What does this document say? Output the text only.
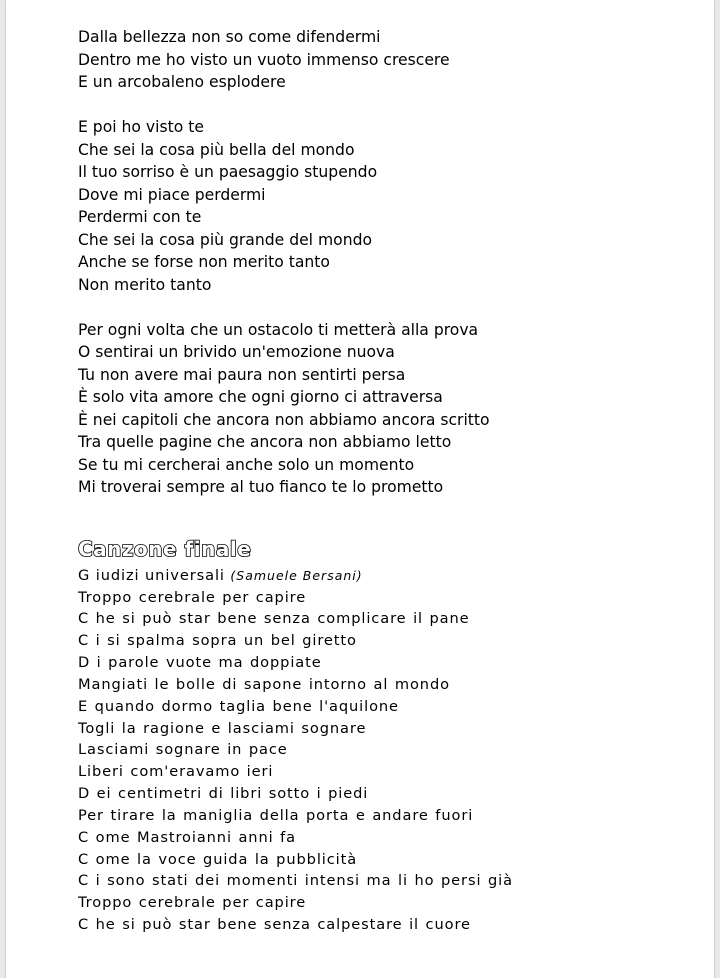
Dalla bellezza non so come difendermi
Dentro me ho visto un vuoto immenso crescere
E un arcobaleno esplodere
E poi ho visto te
Che sei la cosa più bella del mondo
Il tuo sorriso è un paesaggio stupendo
Dove mi piace perdermi
Perdermi con te
Che sei la cosa più grande del mondo
Anche se forse non merito tanto
Non merito tanto
Per ogni volta che un ostacolo ti metterà alla prova
O sentirai un brivido un'emozione nuova
Tu non avere mai paura non sentirti persa
È solo vita amore che ogni giorno ci attraversa
È nei capitoli che ancora non abbiamo ancora scritto
Tra quelle pagine che ancora non abbiamo letto
Se tu mi cercherai anche solo un momento
Mi troverai sempre al tuo fianco te lo prometto
Canzone finale
G iudizi universali (Samuele Bersani)
Troppo cerebrale per capire
C he si può star bene senza complicare il pane
C i si spalma sopra un bel giretto
D i parole vuote ma doppiate
Mangiati le bolle di sapone intorno al mondo
E quando dormo taglia bene l'aquilone
Togli la ragione e lasciami sognare
Lasciami sognare in pace
Liberi com'eravamo ieri
D ei centimetri di libri sotto i piedi
Per tirare la maniglia della porta e andare fuori
C ome Mastroianni anni fa
C ome la voce guida la pubblicità
C i sono stati dei momenti intensi ma li ho persi già
Troppo cerebrale per capire
C he si può star bene senza calpestare il cuore
